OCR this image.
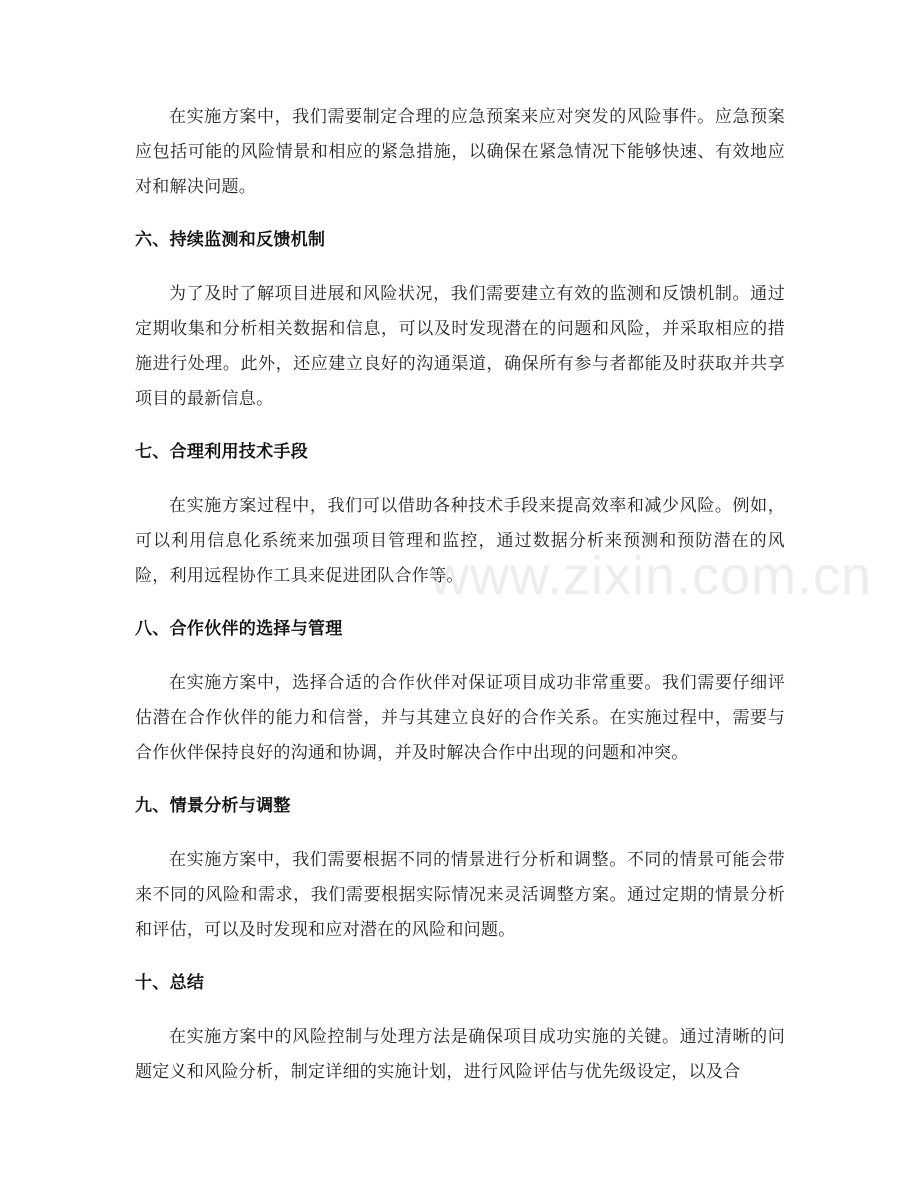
在实施方案中，我们需要制定合理的应急预案来应对突发的风险事件。应急预案应包括可能的风险情景和相应的紧急措施，以确保在紧急情况下能够快速、有效地应对和解决问题。

六、持续监测和反馈机制

为了及时了解项目进展和风险状况，我们需要建立有效的监测和反馈机制。通过定期收集和分析相关数据和信息，可以及时发现潜在的问题和风险，并采取相应的措施进行处理。此外，还应建立良好的沟通渠道，确保所有参与者都能及时获取并共享项目的最新信息。

七、合理利用技术手段

在实施方案过程中，我们可以借助各种技术手段来提高效率和减少风险。例如，可以利用信息化系统来加强项目管理和监控，通过数据分析来预测和预防潜在的风险，利用远程协作工具来促进团队合作等。

八、合作伙伴的选择与管理

在实施方案中，选择合适的合作伙伴对保证项目成功非常重要。我们需要仔细评估潜在合作伙伴的能力和信誉，并与其建立良好的合作关系。在实施过程中，需要与合作伙伴保持良好的沟通和协调，并及时解决合作中出现的问题和冲突。

九、情景分析与调整

在实施方案中，我们需要根据不同的情景进行分析和调整。不同的情景可能会带来不同的风险和需求，我们需要根据实际情况来灵活调整方案。通过定期的情景分析和评估，可以及时发现和应对潜在的风险和问题。

十、总结

在实施方案中的风险控制与处理方法是确保项目成功实施的关键。通过清晰的问题定义和风险分析，制定详细的实施计划，进行风险评估与优先级设定，以及合

www.zixin.com.cn
